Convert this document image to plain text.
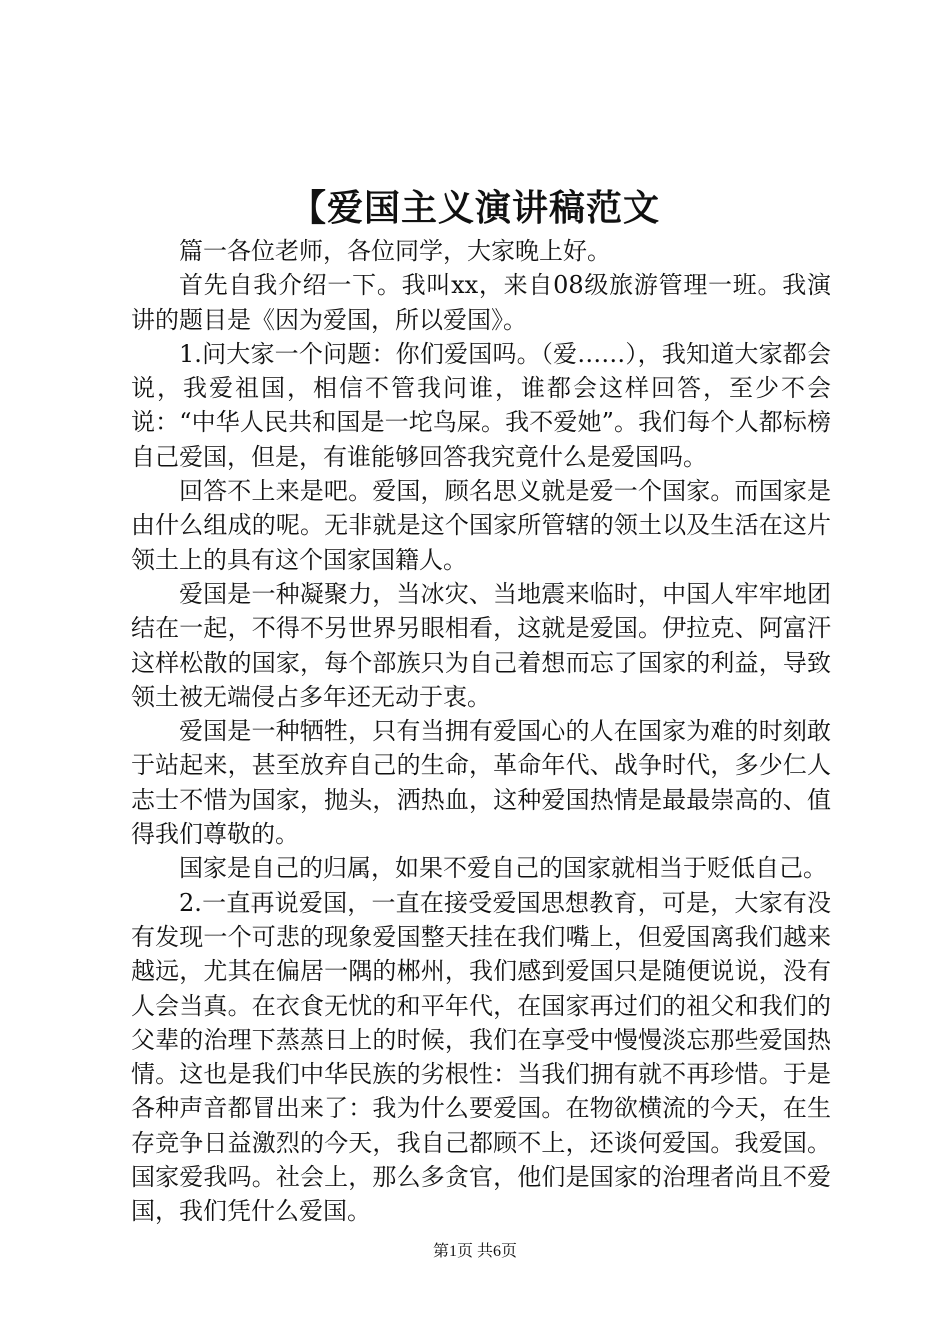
【爱国主义演讲稿范文

篇一各位老师，各位同学，大家晚上好。

首先自我介绍一下。我叫xx，来自08级旅游管理一班。我演讲的题目是《因为爱国，所以爱国》。

1.问大家一个问题：你们爱国吗。（爱……），我知道大家都会说，我爱祖国，相信不管我问谁，谁都会这样回答，至少不会说：“中华人民共和国是一坨鸟屎。我不爱她”。我们每个人都标榜自己爱国，但是，有谁能够回答我究竟什么是爱国吗。

回答不上来是吧。爱国，顾名思义就是爱一个国家。而国家是由什么组成的呢。无非就是这个国家所管辖的领土以及生活在这片领土上的具有这个国家国籍人。

爱国是一种凝聚力，当冰灾、当地震来临时，中国人牢牢地团结在一起，不得不另世界另眼相看，这就是爱国。伊拉克、阿富汗这样松散的国家，每个部族只为自己着想而忘了国家的利益，导致领土被无端侵占多年还无动于衷。

爱国是一种牺牲，只有当拥有爱国心的人在国家为难的时刻敢于站起来，甚至放弃自己的生命，革命年代、战争时代，多少仁人志士不惜为国家，抛头，洒热血，这种爱国热情是最最崇高的、值得我们尊敬的。

国家是自己的归属，如果不爱自己的国家就相当于贬低自己。

2.一直再说爱国，一直在接受爱国思想教育，可是，大家有没有发现一个可悲的现象爱国整天挂在我们嘴上，但爱国离我们越来越远，尤其在偏居一隅的郴州，我们感到爱国只是随便说说，没有人会当真。在衣食无忧的和平年代，在国家再过们的祖父和我们的父辈的治理下蒸蒸日上的时候，我们在享受中慢慢淡忘那些爱国热情。这也是我们中华民族的劣根性：当我们拥有就不再珍惜。于是各种声音都冒出来了：我为什么要爱国。在物欲横流的今天，在生存竞争日益激烈的今天，我自己都顾不上，还谈何爱国。我爱国。国家爱我吗。社会上，那么多贪官，他们是国家的治理者尚且不爱国，我们凭什么爱国。

第1页 共6页
